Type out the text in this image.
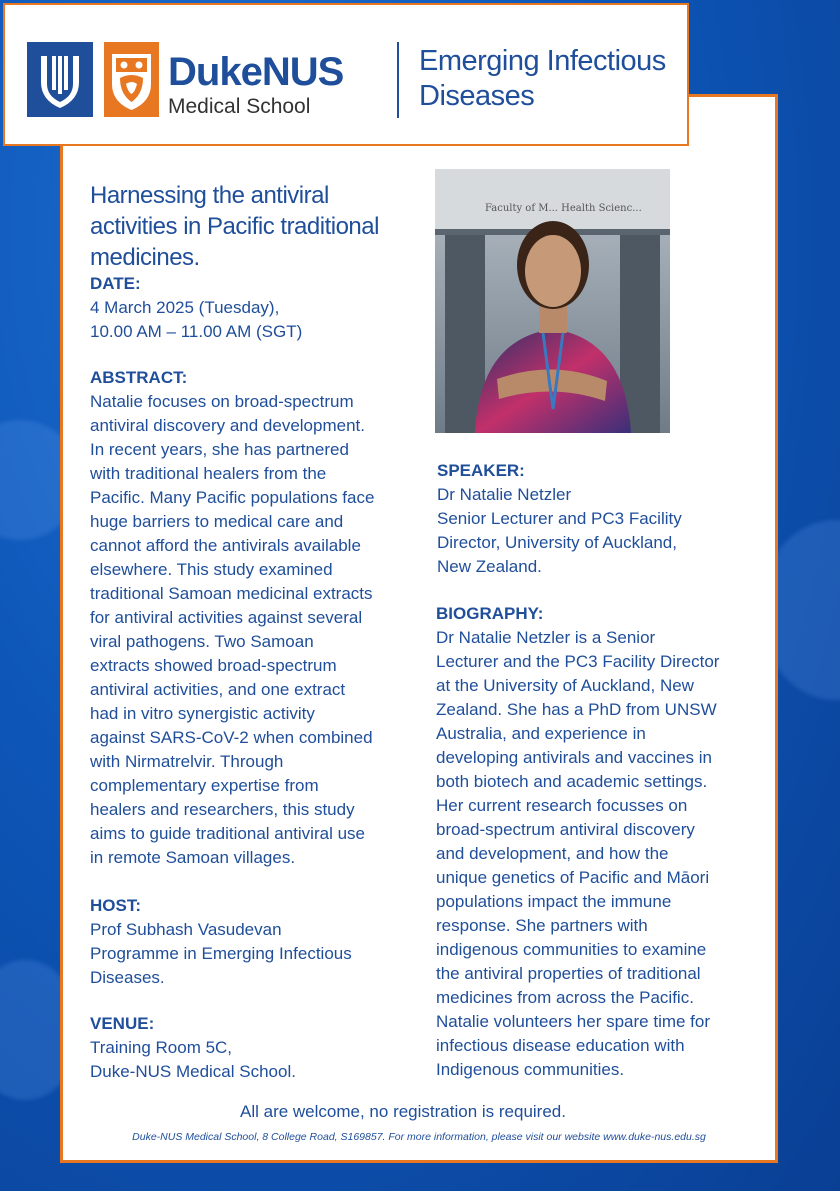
DukeNUS
Medical School
Emerging Infectious Diseases
Harnessing the antiviral activities in Pacific traditional medicines.
DATE:
4 March 2025 (Tuesday),
10.00 AM – 11.00 AM (SGT)
ABSTRACT:
Natalie focuses on broad-spectrum
antiviral discovery and development.
In recent years, she has partnered
with traditional healers from the
Pacific. Many Pacific populations face
huge barriers to medical care and
cannot afford the antivirals available
elsewhere. This study examined
traditional Samoan medicinal extracts
for antiviral activities against several
viral pathogens. Two Samoan
extracts showed broad-spectrum
antiviral activities, and one extract
had in vitro synergistic activity
against SARS-CoV-2 when combined
with Nirmatrelvir. Through
complementary expertise from
healers and researchers, this study
aims to guide traditional antiviral use
in remote Samoan villages.
HOST:
Prof Subhash Vasudevan
Programme in Emerging Infectious
Diseases.
VENUE:
Training Room 5C,
Duke-NUS Medical School.
Faculty of M... Health Scienc...
SPEAKER:
Dr Natalie Netzler
Senior Lecturer and PC3 Facility
Director, University of Auckland,
New Zealand.
BIOGRAPHY:
Dr Natalie Netzler is a Senior
Lecturer and the PC3 Facility Director
at the University of Auckland, New
Zealand. She has a PhD from UNSW
Australia, and experience in
developing antivirals and vaccines in
both biotech and academic settings.
Her current research focusses on
broad-spectrum antiviral discovery
and development, and how the
unique genetics of Pacific and Māori
populations impact the immune
response. She partners with
indigenous communities to examine
the antiviral properties of traditional
medicines from across the Pacific.
Natalie volunteers her spare time for
infectious disease education with
Indigenous communities.
All are welcome, no registration is required.
Duke-NUS Medical School, 8 College Road, S169857. For more information, please visit our website www.duke-nus.edu.sg
